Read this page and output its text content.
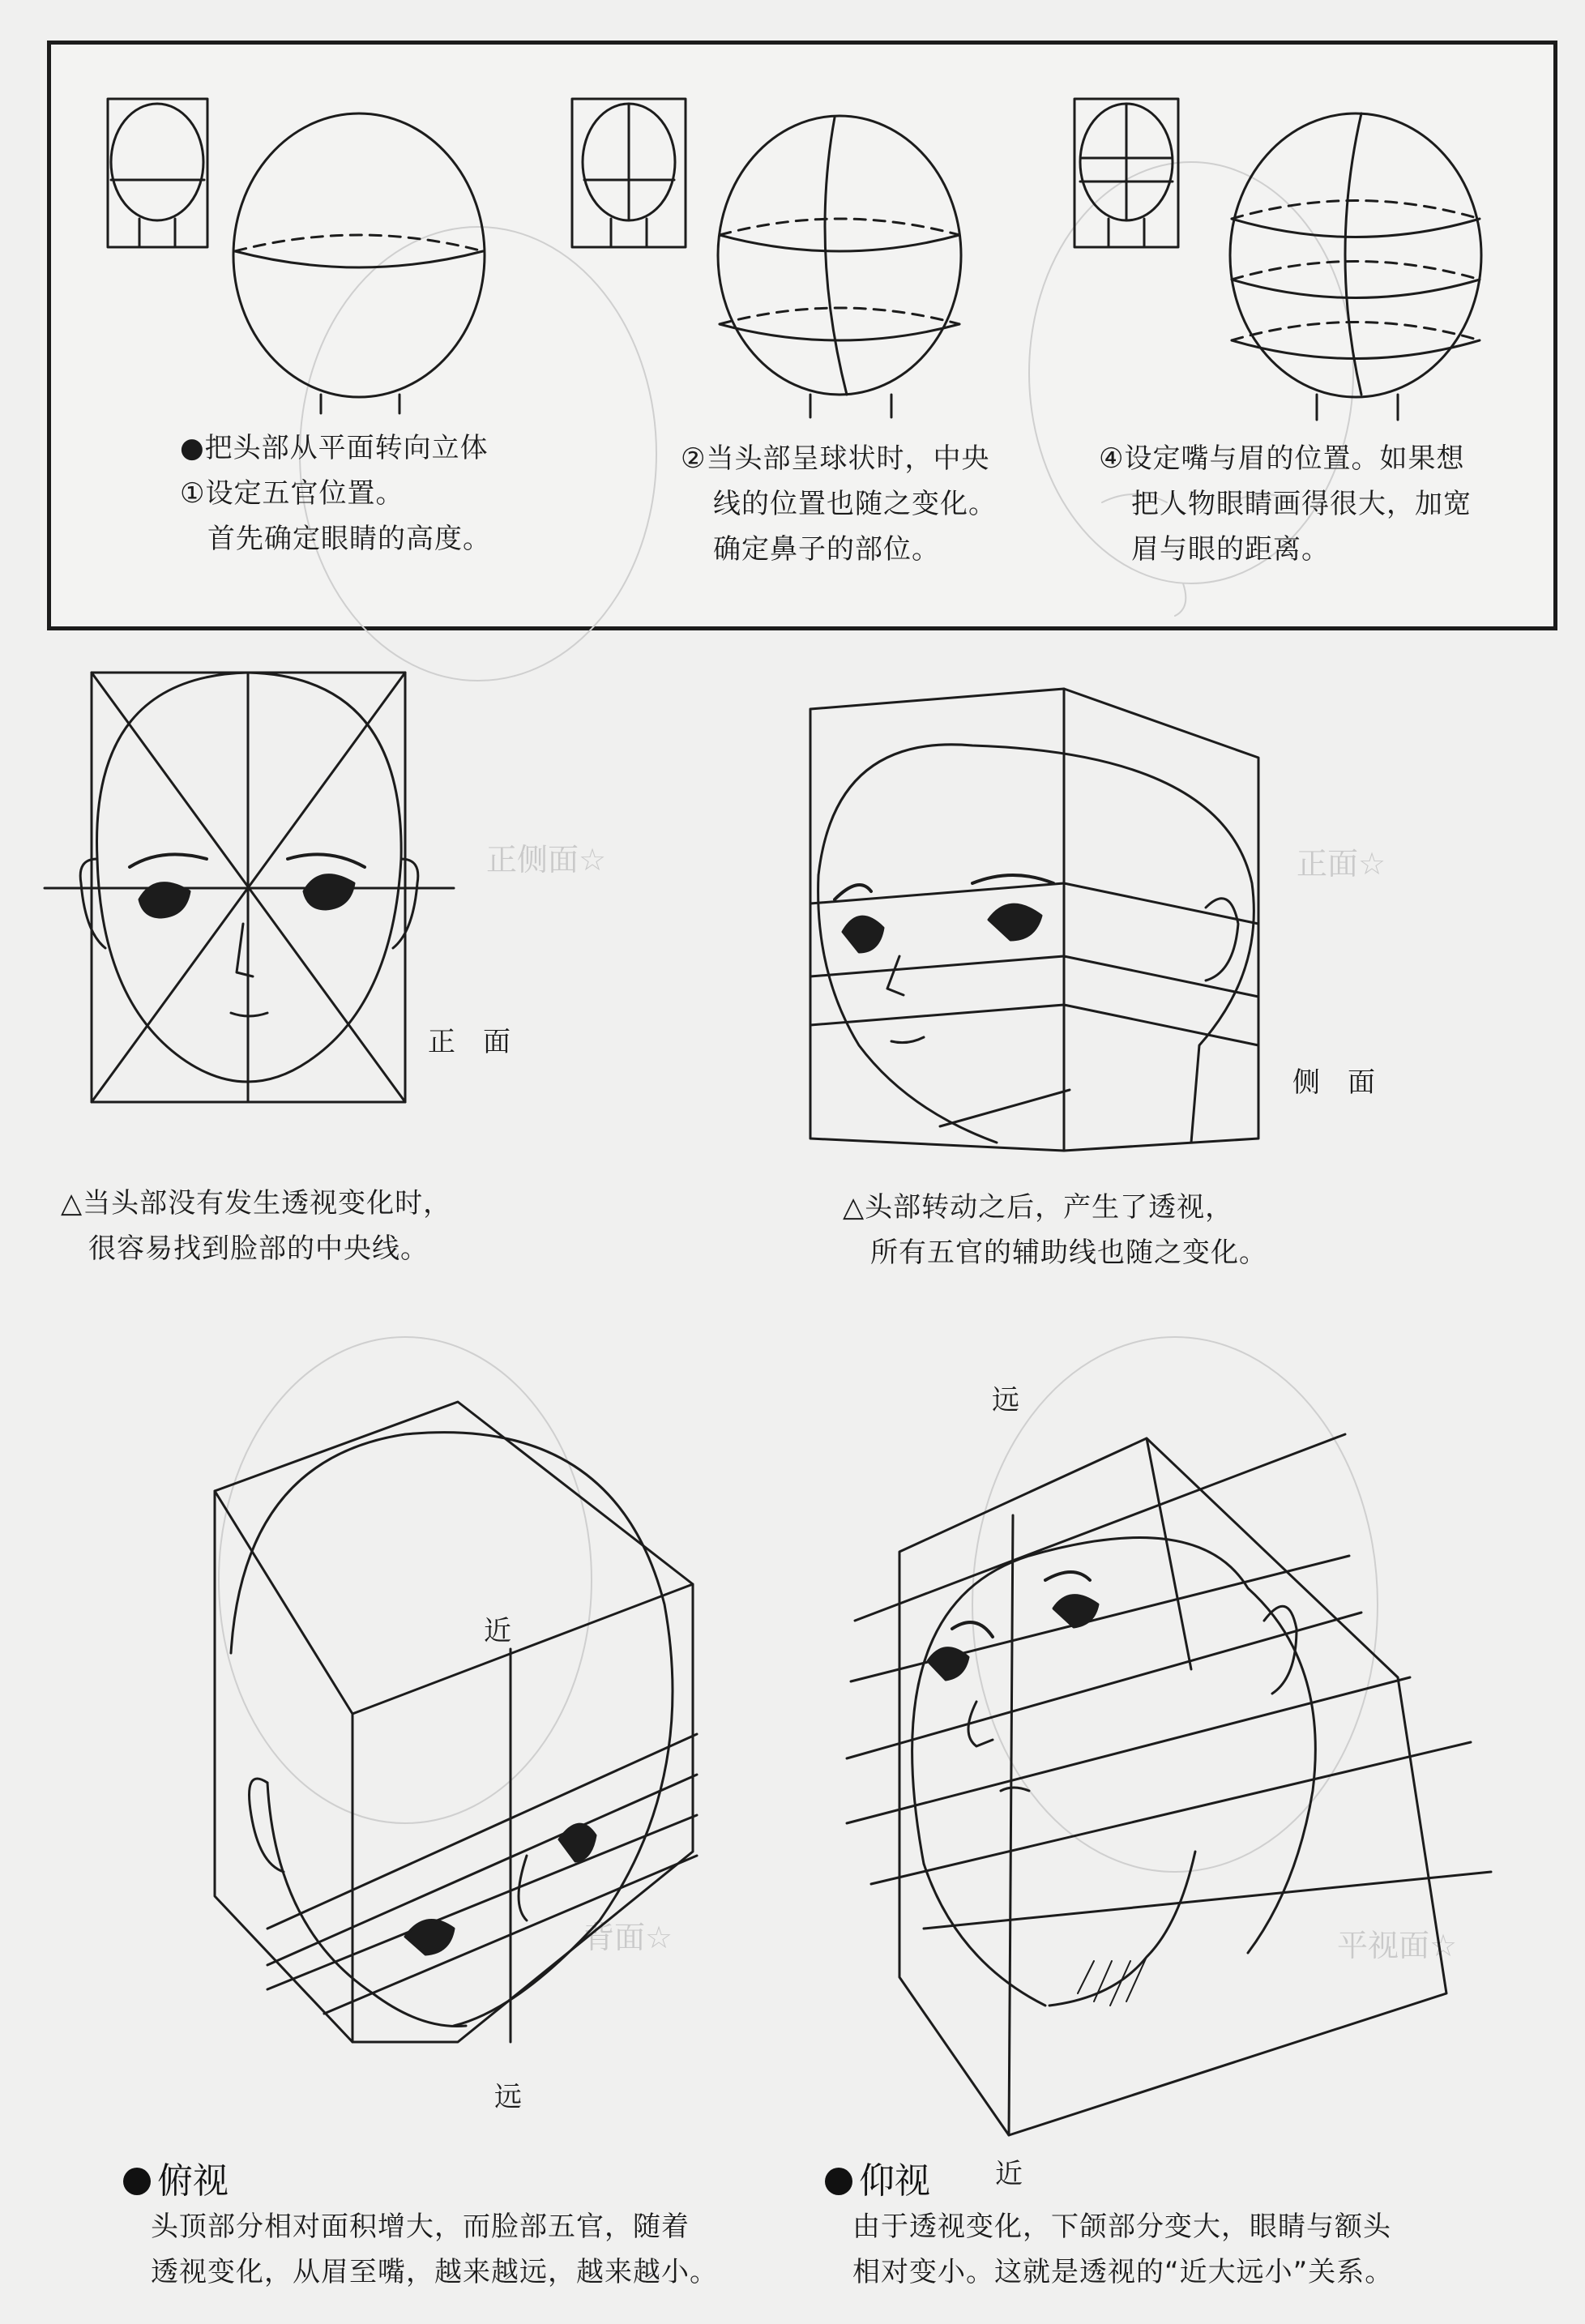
正侧面☆	正面☆
背面☆	平视面☆
●把头部从平面转向立体
①设定五官位置。
首先确定眼睛的高度。
②当头部呈球状时，中央
线的位置也随之变化。
确定鼻子的部位。
④设定嘴与眉的位置。如果想
把人物眼睛画得很大，加宽
眉与眼的距离。
正　面
侧　面
△当头部没有发生透视变化时，
很容易找到脸部的中央线。
△头部转动之后，产生了透视，
所有五官的辅助线也随之变化。
近
远
远
近
俯视
头顶部分相对面积增大，而脸部五官，随着
透视变化，从眉至嘴，越来越远，越来越小。
仰视
由于透视变化，下颌部分变大，眼睛与额头
相对变小。这就是透视的“近大远小”关系。
